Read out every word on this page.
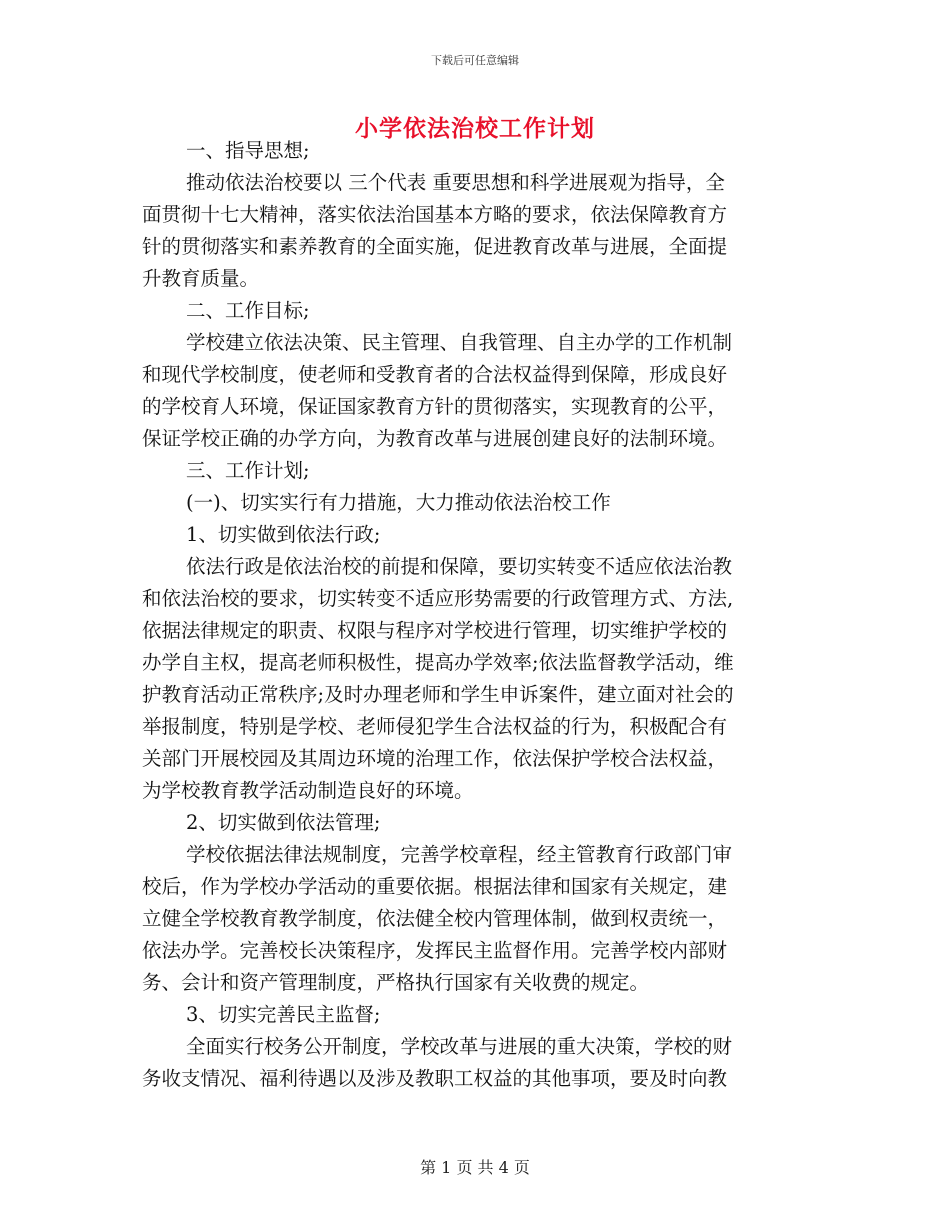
下载后可任意编辑
小学依法治校工作计划
一、指导思想;
推动依法治校要以 三个代表 重要思想和科学进展观为指导，全
面贯彻十七大精神，落实依法治国基本方略的要求，依法保障教育方
针的贯彻落实和素养教育的全面实施，促进教育改革与进展，全面提
升教育质量。
二、工作目标;
学校建立依法决策、民主管理、自我管理、自主办学的工作机制
和现代学校制度，使老师和受教育者的合法权益得到保障，形成良好
的学校育人环境，保证国家教育方针的贯彻落实，实现教育的公平，
保证学校正确的办学方向，为教育改革与进展创建良好的法制环境。
三、工作计划;
(一)、切实实行有力措施，大力推动依法治校工作
1、切实做到依法行政;
依法行政是依法治校的前提和保障，要切实转变不适应依法治教
和依法治校的要求，切实转变不适应形势需要的行政管理方式、方法,
依据法律规定的职责、权限与程序对学校进行管理，切实维护学校的
办学自主权，提高老师积极性，提高办学效率;依法监督教学活动，维
护教育活动正常秩序;及时办理老师和学生申诉案件，建立面对社会的
举报制度，特别是学校、老师侵犯学生合法权益的行为，积极配合有
关部门开展校园及其周边环境的治理工作，依法保护学校合法权益，
为学校教育教学活动制造良好的环境。
2、切实做到依法管理;
学校依据法律法规制度，完善学校章程，经主管教育行政部门审
校后，作为学校办学活动的重要依据。根据法律和国家有关规定，建
立健全学校教育教学制度，依法健全校内管理体制，做到权责统一，
依法办学。完善校长决策程序，发挥民主监督作用。完善学校内部财
务、会计和资产管理制度，严格执行国家有关收费的规定。
3、切实完善民主监督;
全面实行校务公开制度，学校改革与进展的重大决策，学校的财
务收支情况、福利待遇以及涉及教职工权益的其他事项，要及时向教
第 1 页 共 4 页
